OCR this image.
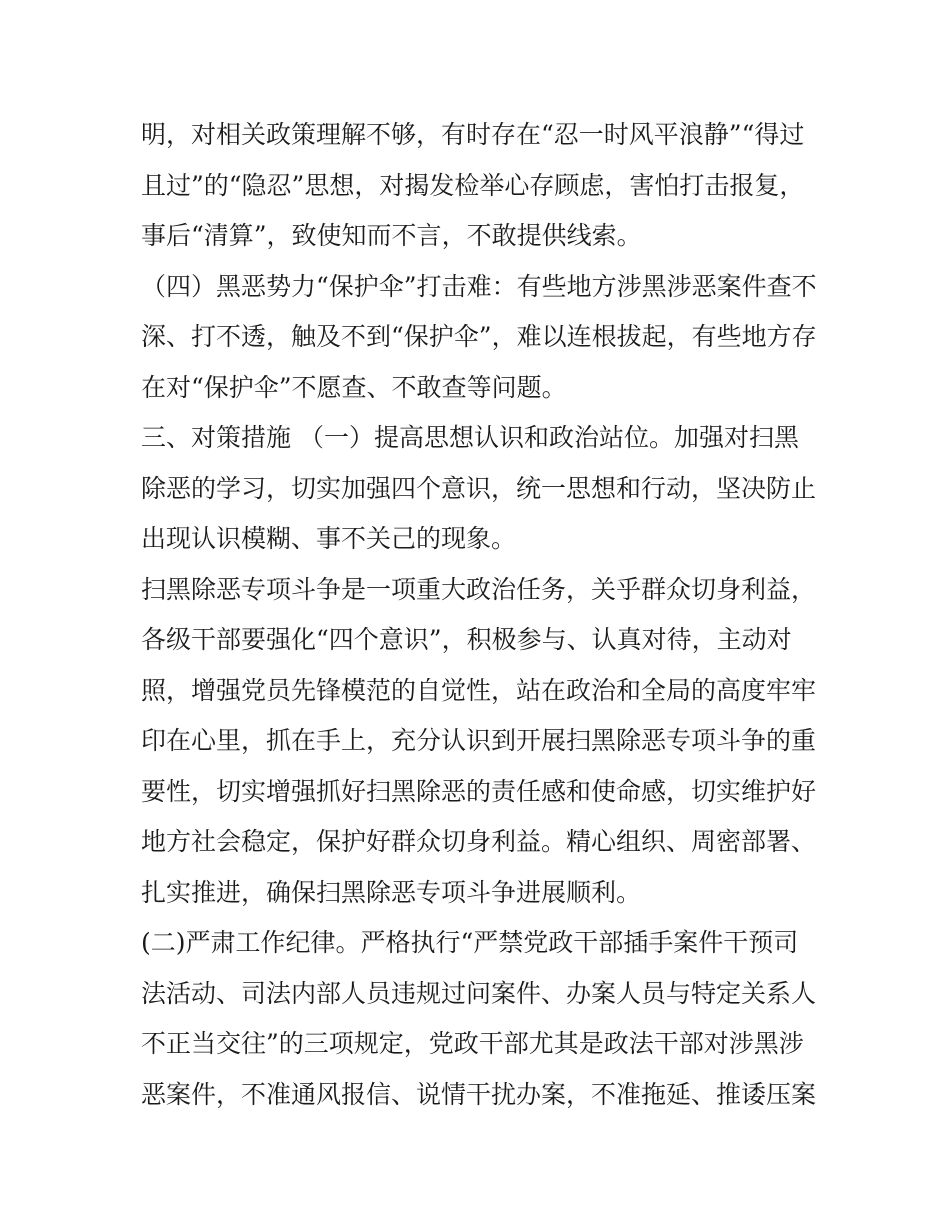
明，对相关政策理解不够，有时存在“忍一时风平浪静”“得过
且过”的“隐忍”思想，对揭发检举心存顾虑，害怕打击报复，
事后“清算”，致使知而不言，不敢提供线索。
（四）黑恶势力“保护伞”打击难：有些地方涉黑涉恶案件查不
深、打不透，触及不到“保护伞”，难以连根拔起，有些地方存
在对“保护伞”不愿查、不敢查等问题。
三、对策措施 （一）提高思想认识和政治站位。加强对扫黑
除恶的学习，切实加强四个意识，统一思想和行动，坚决防止
出现认识模糊、事不关己的现象。
扫黑除恶专项斗争是一项重大政治任务，关乎群众切身利益，
各级干部要强化“四个意识”，积极参与、认真对待，主动对
照，增强党员先锋模范的自觉性，站在政治和全局的高度牢牢
印在心里，抓在手上，充分认识到开展扫黑除恶专项斗争的重
要性，切实增强抓好扫黑除恶的责任感和使命感，切实维护好
地方社会稳定，保护好群众切身利益。精心组织、周密部署、
扎实推进，确保扫黑除恶专项斗争进展顺利。
(二)严肃工作纪律。严格执行“严禁党政干部插手案件干预司
法活动、司法内部人员违规过问案件、办案人员与特定关系人
不正当交往”的三项规定，党政干部尤其是政法干部对涉黑涉
恶案件，不准通风报信、说情干扰办案，不准拖延、推诿压案
